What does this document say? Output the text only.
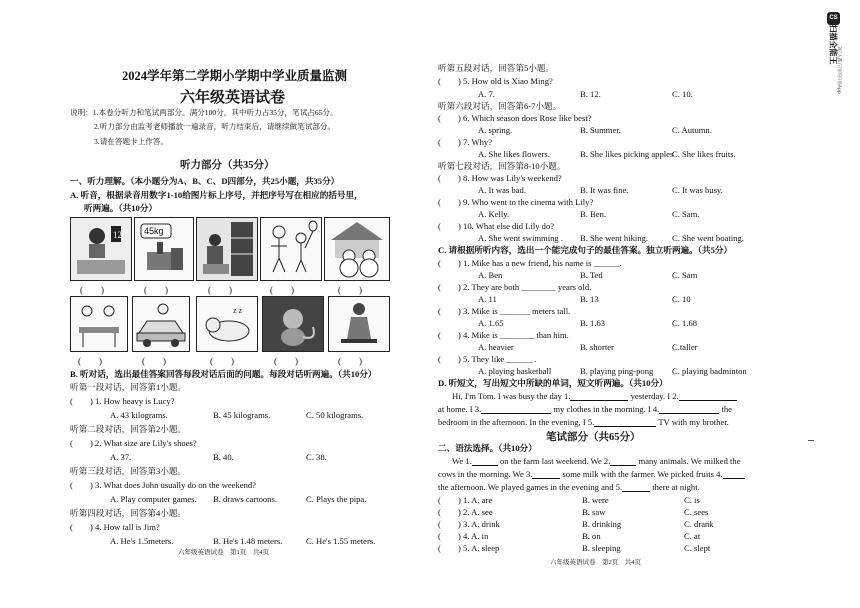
2024学年第二学期小学期中学业质量监测
六年级英语试卷
说明：1.本卷分听力和笔试两部分。满分100分，其中听力占35分，笔试占65分。
2.听力部分由监考老师播放一遍录音，听力结束后，请继续做笔试部分。
3.请在答题卡上作答。
听力部分（共35分）
一、听力理解。（本小题分为A、B、C、D四部分，共25小题，共35分）
A. 听音，根据录音用数字1-10给图片标上序号，并把序号写在相应的括号里，
听两遍。（共10分）
12 45kg
(　　)	(　　)	(　　)	(　　)	(　　)
z z
(　　)	(　　)	(　　)	(　　)	(　　)
B. 听对话，选出最佳答案回答每段对话后面的问题。每段对话听两遍。（共10分）
听第一段对话，回答第1小题。
(　　) 1. How heavy is Lucy?
A. 43 kilograms.	B. 45 kilograms.	C. 50 kilograms.
听第二段对话，回答第2小题。
(　　) 2. What size are Lily's shoes?
A. 37.	B. 40.	C. 38.
听第三段对话，回答第3小题。
(　　) 3. What does John usually do on the weekend?
A. Play computer games. B. draws cartoons.	C. Plays the pipa.
听第四段对话，回答第4小题。
(　　) 4. How tall is Jim?
A. He's 1.5meters.	B. He's 1.48 meters.	C. He's 1.55 meters.
六年级英语试卷　第1页　共4页
听第五段对话，回答第5小题。
(　　) 5. How old is Xiao Ming?
A. 7.	B. 12.	C. 10.
听第六段对话，回答第6-7小题。
(　　) 6. Which season does Rose like best?
A. spring.	B. Summer.	C. Autumn.
(　　) 7. Why?
A. She likes flowers.	B. She likes picking apples
C. She likes fruits.
听第七段对话，回答第8-10小题。
(　　) 8. How was Lily's weekend?
A. It was bad.	B. It was fine.	C. It was busy.
(　　) 9. Who went to the cinema with Lily?
A. Kelly.	B. Ben.	C. Sam.
(　　) 10. What else did Lily do?
A. She went swimming . B. She went hiking.	C. She went boating.
C. 请根据所听内容，选出一个能完成句子的最佳答案。独立听两遍。（共5分）
(　　) 1. Mike has a new friend, his name is ______.
A. Ben	B. Ted	C. Sam
(　　) 2. They are both ________ years old.
A. 11	B. 13	C. 10
(　　) 3. Mike is _______ meters tall.
A. 1.65	B. 1.63	C. 1.68
(　　) 4. Mike is ________ than him.
A. heavier	B. shorter	C.taller
(　　) 5. They like ______ .
A. playing basketball	B. playing ping-pong C. playing badminton
D. 听短文，写出短文中所缺的单词，短文听两遍。（共10分）
Hi, I'm Tom. I was busy the day 1.	yesterday. I 2.
at home. I 3.	my clothes in the morning. I 4.	the
bedroom in the afternoon. In the evening, I 5.	TV with my brother.
笔试部分（共65分）
二、语法选择。（共10分）
We 1.	on the farm last weekend. We 2.	many animals. We milked the
cows in the morning. We 3.	some milk with the farmer. We picked fruits 4.
the afternoon. We played games in the evening and 5.	there at night.
(　　) 1. A. are	B. were	C. is
(　　) 2. A. see	B. saw	C. sees
(　　) 3. A. drink	B. drinking	C. drank
(　　) 4. A. in	B. on	C. at
(　　) 5. A. sleep	B. sleeping	C. slept
六年级英语试卷　第2页　共4页
CS
扫描全能王
3亿人都在用的扫描App
